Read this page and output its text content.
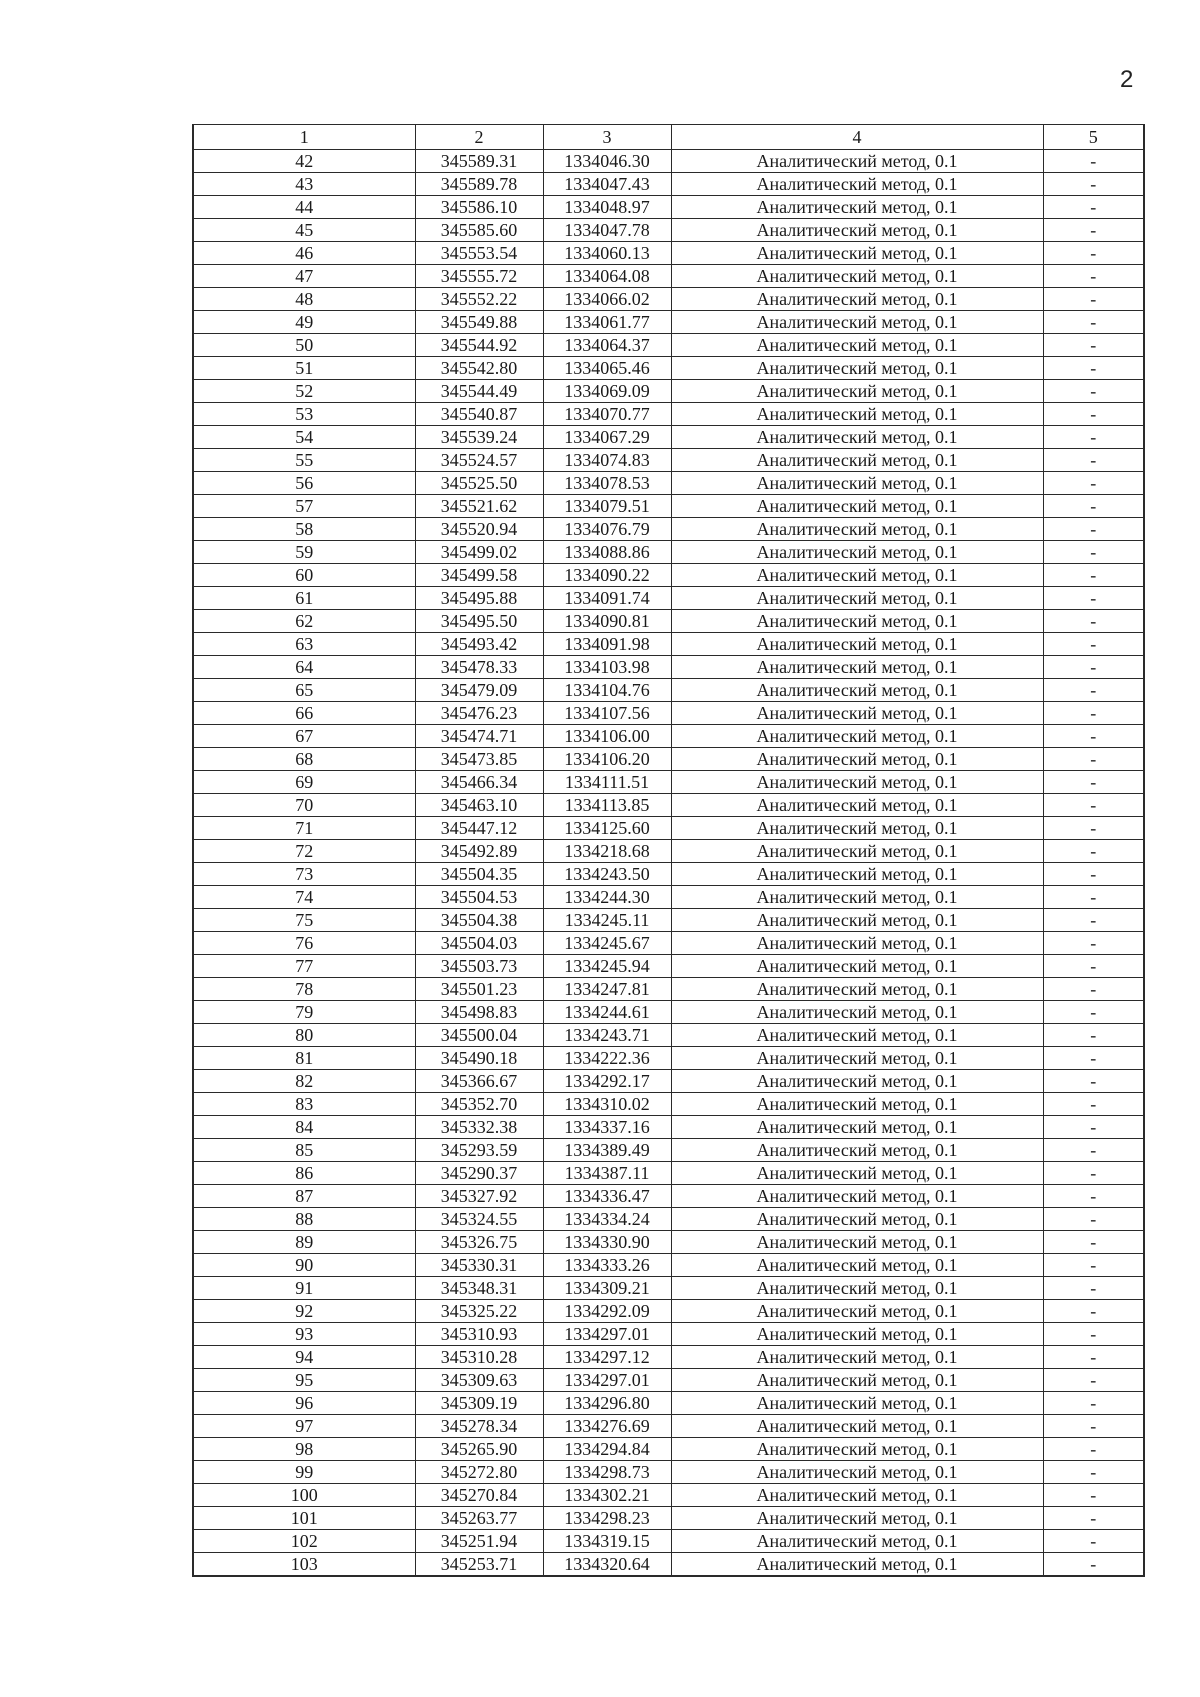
2
1	2	3	4	5
42	345589.31	1334046.30	Аналитический метод, 0.1	-
43	345589.78	1334047.43	Аналитический метод, 0.1	-
44	345586.10	1334048.97	Аналитический метод, 0.1	-
45	345585.60	1334047.78	Аналитический метод, 0.1	-
46	345553.54	1334060.13	Аналитический метод, 0.1	-
47	345555.72	1334064.08	Аналитический метод, 0.1	-
48	345552.22	1334066.02	Аналитический метод, 0.1	-
49	345549.88	1334061.77	Аналитический метод, 0.1	-
50	345544.92	1334064.37	Аналитический метод, 0.1	-
51	345542.80	1334065.46	Аналитический метод, 0.1	-
52	345544.49	1334069.09	Аналитический метод, 0.1	-
53	345540.87	1334070.77	Аналитический метод, 0.1	-
54	345539.24	1334067.29	Аналитический метод, 0.1	-
55	345524.57	1334074.83	Аналитический метод, 0.1	-
56	345525.50	1334078.53	Аналитический метод, 0.1	-
57	345521.62	1334079.51	Аналитический метод, 0.1	-
58	345520.94	1334076.79	Аналитический метод, 0.1	-
59	345499.02	1334088.86	Аналитический метод, 0.1	-
60	345499.58	1334090.22	Аналитический метод, 0.1	-
61	345495.88	1334091.74	Аналитический метод, 0.1	-
62	345495.50	1334090.81	Аналитический метод, 0.1	-
63	345493.42	1334091.98	Аналитический метод, 0.1	-
64	345478.33	1334103.98	Аналитический метод, 0.1	-
65	345479.09	1334104.76	Аналитический метод, 0.1	-
66	345476.23	1334107.56	Аналитический метод, 0.1	-
67	345474.71	1334106.00	Аналитический метод, 0.1	-
68	345473.85	1334106.20	Аналитический метод, 0.1	-
69	345466.34	1334111.51	Аналитический метод, 0.1	-
70	345463.10	1334113.85	Аналитический метод, 0.1	-
71	345447.12	1334125.60	Аналитический метод, 0.1	-
72	345492.89	1334218.68	Аналитический метод, 0.1	-
73	345504.35	1334243.50	Аналитический метод, 0.1	-
74	345504.53	1334244.30	Аналитический метод, 0.1	-
75	345504.38	1334245.11	Аналитический метод, 0.1	-
76	345504.03	1334245.67	Аналитический метод, 0.1	-
77	345503.73	1334245.94	Аналитический метод, 0.1	-
78	345501.23	1334247.81	Аналитический метод, 0.1	-
79	345498.83	1334244.61	Аналитический метод, 0.1	-
80	345500.04	1334243.71	Аналитический метод, 0.1	-
81	345490.18	1334222.36	Аналитический метод, 0.1	-
82	345366.67	1334292.17	Аналитический метод, 0.1	-
83	345352.70	1334310.02	Аналитический метод, 0.1	-
84	345332.38	1334337.16	Аналитический метод, 0.1	-
85	345293.59	1334389.49	Аналитический метод, 0.1	-
86	345290.37	1334387.11	Аналитический метод, 0.1	-
87	345327.92	1334336.47	Аналитический метод, 0.1	-
88	345324.55	1334334.24	Аналитический метод, 0.1	-
89	345326.75	1334330.90	Аналитический метод, 0.1	-
90	345330.31	1334333.26	Аналитический метод, 0.1	-
91	345348.31	1334309.21	Аналитический метод, 0.1	-
92	345325.22	1334292.09	Аналитический метод, 0.1	-
93	345310.93	1334297.01	Аналитический метод, 0.1	-
94	345310.28	1334297.12	Аналитический метод, 0.1	-
95	345309.63	1334297.01	Аналитический метод, 0.1	-
96	345309.19	1334296.80	Аналитический метод, 0.1	-
97	345278.34	1334276.69	Аналитический метод, 0.1	-
98	345265.90	1334294.84	Аналитический метод, 0.1	-
99	345272.80	1334298.73	Аналитический метод, 0.1	-
100	345270.84	1334302.21	Аналитический метод, 0.1	-
101	345263.77	1334298.23	Аналитический метод, 0.1	-
102	345251.94	1334319.15	Аналитический метод, 0.1	-
103	345253.71	1334320.64	Аналитический метод, 0.1	-
